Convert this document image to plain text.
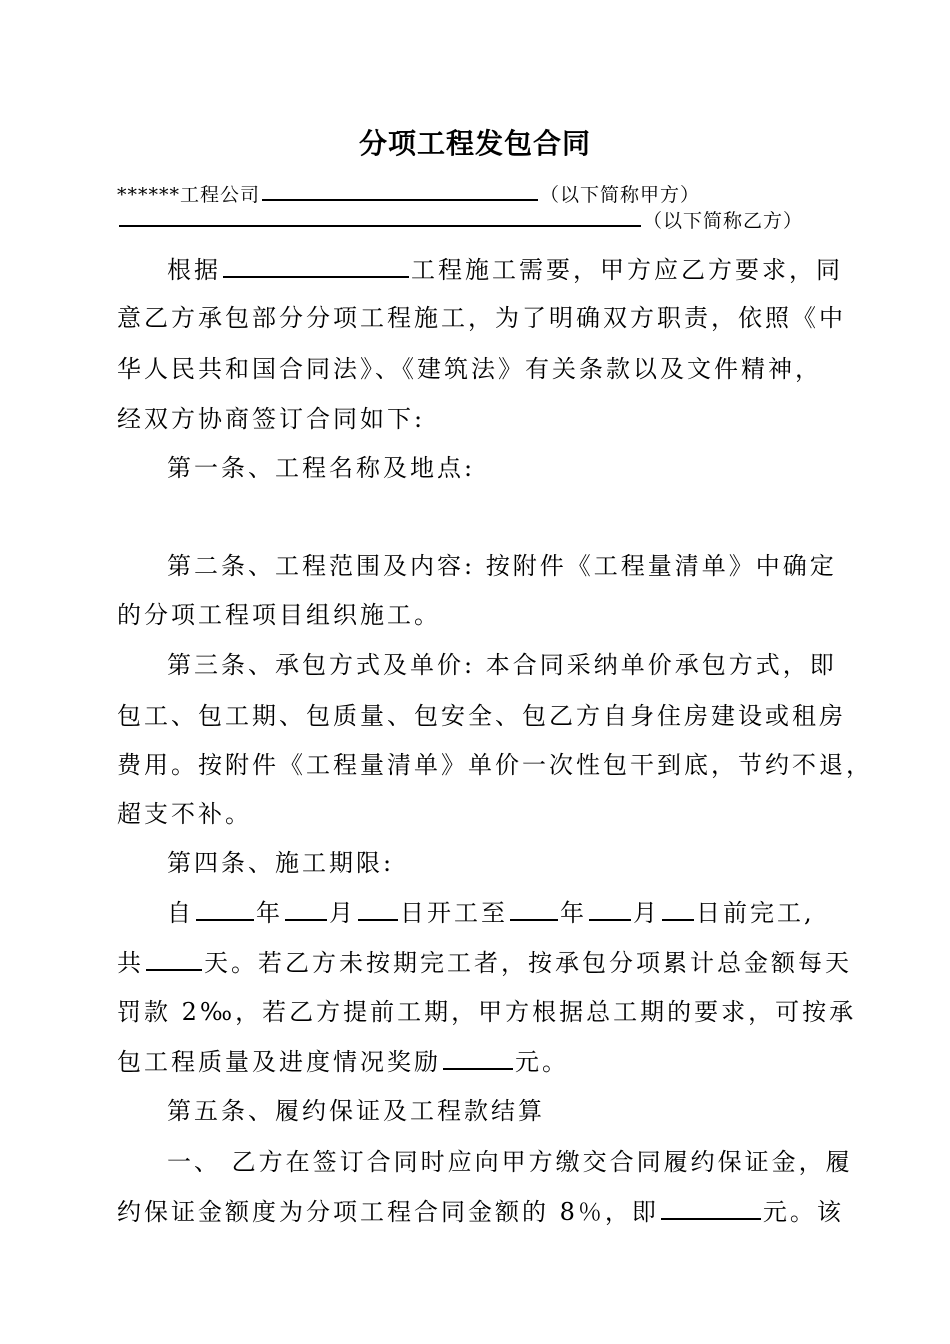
分项工程发包合同
******工程公司	（以下简称甲方）
（以下简称乙方）
根据	工程施工需要，甲方应乙方要求，同
意乙方承包部分分项工程施工，为了明确双方职责，依照《中
华人民共和国合同法》、《建筑法》有关条款以及文件精神，
经双方协商签订合同如下:
第一条、工程名称及地点:
第二条、工程范围及内容: 按附件《工程量清单》中确定
的分项工程项目组织施工。
第三条、承包方式及单价: 本合同采纳单价承包方式，即
包工、包工期、包质量、包安全、包乙方自身住房建设或租房
费用。按附件《工程量清单》单价一次性包干到底，节约不退，
超支不补。
第四条、施工期限:
自	年 月 日开工至 年 月 日前完工,
共	天。若乙方未按期完工者，按承包分项累计总金额每天
罚款 2‰，若乙方提前工期，甲方根据总工期的要求，可按承
包工程质量及进度情况奖励	元。
第五条、履约保证及工程款结算
一、 乙方在签订合同时应向甲方缴交合同履约保证金，履
约保证金额度为分项工程合同金额的 8％，即	元。该
